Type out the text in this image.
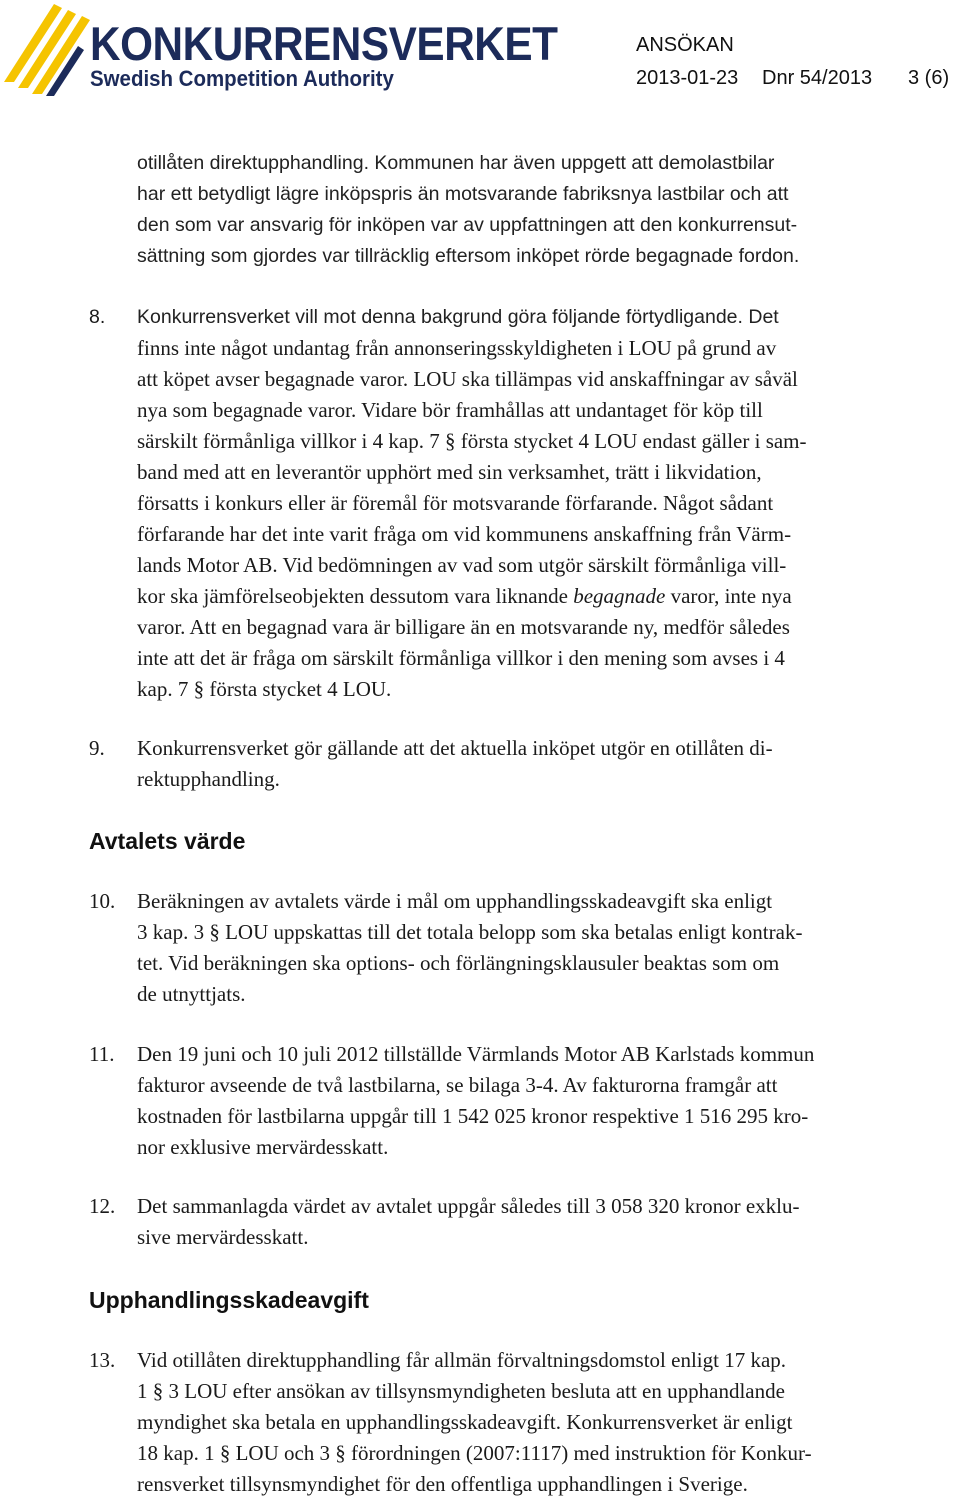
KONKURRENSVERKET
Swedish Competition Authority
ANSÖKAN
2013-01-23 Dnr 54/2013 3 (6)
otillåten direktupphandling. Kommunen har även uppgett att demolastbilar
har ett betydligt lägre inköpspris än motsvarande fabriksnya lastbilar och att
den som var ansvarig för inköpen var av uppfattningen att den konkurrensut-
sättning som gjordes var tillräcklig eftersom inköpet rörde begagnade fordon.
8. Konkurrensverket vill mot denna bakgrund göra följande förtydligande. Det
finns inte något undantag från annonseringsskyldigheten i LOU på grund av
att köpet avser begagnade varor. LOU ska tillämpas vid anskaffningar av såväl
nya som begagnade varor. Vidare bör framhållas att undantaget för köp till
särskilt förmånliga villkor i 4 kap. 7 § första stycket 4 LOU endast gäller i sam-
band med att en leverantör upphört med sin verksamhet, trätt i likvidation,
försatts i konkurs eller är föremål för motsvarande förfarande. Något sådant
förfarande har det inte varit fråga om vid kommunens anskaffning från Värm-
lands Motor AB. Vid bedömningen av vad som utgör särskilt förmånliga vill-
kor ska jämförelseobjekten dessutom vara liknande begagnade varor, inte nya
varor. Att en begagnad vara är billigare än en motsvarande ny, medför således
inte att det är fråga om särskilt förmånliga villkor i den mening som avses i 4
kap. 7 § första stycket 4 LOU.
9. Konkurrensverket gör gällande att det aktuella inköpet utgör en otillåten di-
rektupphandling.
Avtalets värde
10. Beräkningen av avtalets värde i mål om upphandlingsskadeavgift ska enligt
3 kap. 3 § LOU uppskattas till det totala belopp som ska betalas enligt kontrak-
tet. Vid beräkningen ska options- och förlängningsklausuler beaktas som om
de utnyttjats.
11. Den 19 juni och 10 juli 2012 tillställde Värmlands Motor AB Karlstads kommun
fakturor avseende de två lastbilarna, se bilaga 3-4. Av fakturorna framgår att
kostnaden för lastbilarna uppgår till 1 542 025 kronor respektive 1 516 295 kro-
nor exklusive mervärdesskatt.
12. Det sammanlagda värdet av avtalet uppgår således till 3 058 320 kronor exklu-
sive mervärdesskatt.
Upphandlingsskadeavgift
13. Vid otillåten direktupphandling får allmän förvaltningsdomstol enligt 17 kap.
1 § 3 LOU efter ansökan av tillsynsmyndigheten besluta att en upphandlande
myndighet ska betala en upphandlingsskadeavgift. Konkurrensverket är enligt
18 kap. 1 § LOU och 3 § förordningen (2007:1117) med instruktion för Konkur-
rensverket tillsynsmyndighet för den offentliga upphandlingen i Sverige.
